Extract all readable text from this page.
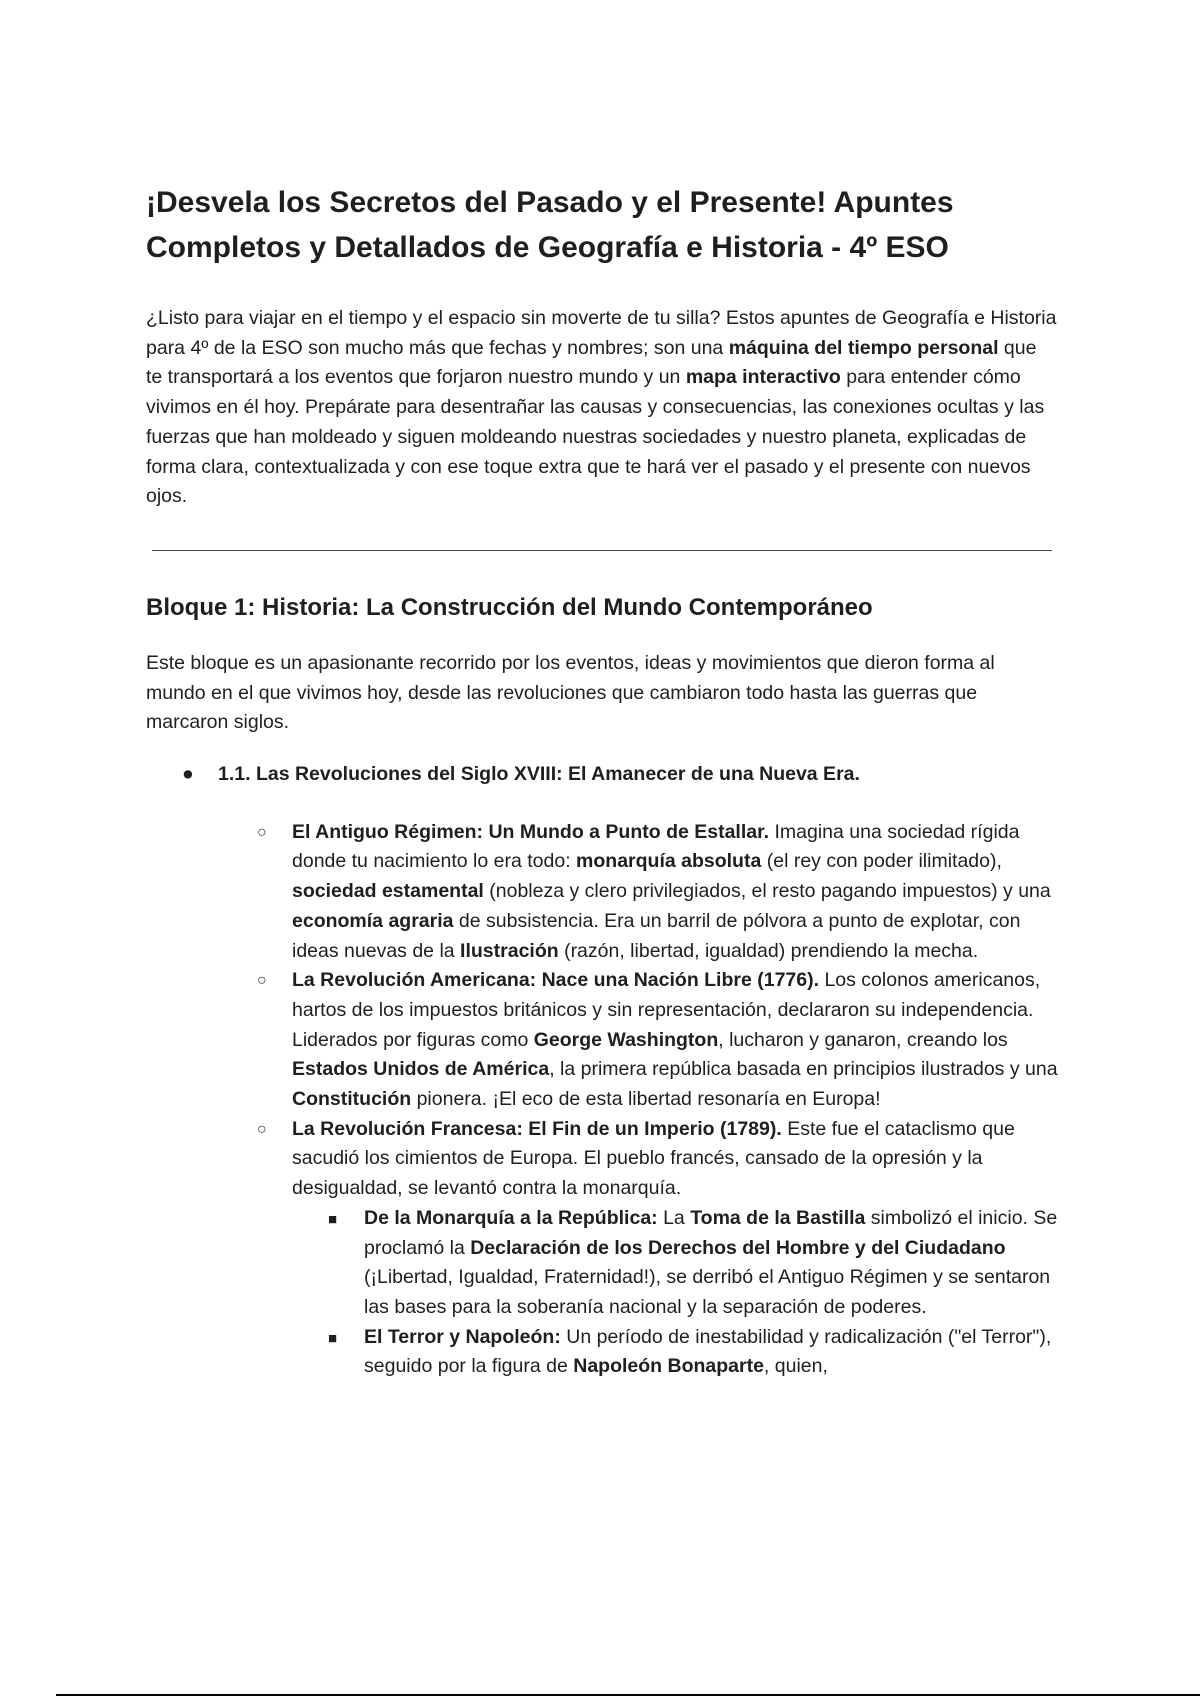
¡Desvela los Secretos del Pasado y el Presente! Apuntes Completos y Detallados de Geografía e Historia - 4º ESO

¿Listo para viajar en el tiempo y el espacio sin moverte de tu silla? Estos apuntes de Geografía e Historia para 4º de la ESO son mucho más que fechas y nombres; son una máquina del tiempo personal que te transportará a los eventos que forjaron nuestro mundo y un mapa interactivo para entender cómo vivimos en él hoy. Prepárate para desentrañar las causas y consecuencias, las conexiones ocultas y las fuerzas que han moldeado y siguen moldeando nuestras sociedades y nuestro planeta, explicadas de forma clara, contextualizada y con ese toque extra que te hará ver el pasado y el presente con nuevos ojos.

Bloque 1: Historia: La Construcción del Mundo Contemporáneo

Este bloque es un apasionante recorrido por los eventos, ideas y movimientos que dieron forma al mundo en el que vivimos hoy, desde las revoluciones que cambiaron todo hasta las guerras que marcaron siglos.

● 1.1. Las Revoluciones del Siglo XVIII: El Amanecer de una Nueva Era.
○ El Antiguo Régimen: Un Mundo a Punto de Estallar. Imagina una sociedad rígida donde tu nacimiento lo era todo: monarquía absoluta (el rey con poder ilimitado), sociedad estamental (nobleza y clero privilegiados, el resto pagando impuestos) y una economía agraria de subsistencia. Era un barril de pólvora a punto de explotar, con ideas nuevas de la Ilustración (razón, libertad, igualdad) prendiendo la mecha.
○ La Revolución Americana: Nace una Nación Libre (1776). Los colonos americanos, hartos de los impuestos británicos y sin representación, declararon su independencia. Liderados por figuras como George Washington, lucharon y ganaron, creando los Estados Unidos de América, la primera república basada en principios ilustrados y una Constitución pionera. ¡El eco de esta libertad resonaría en Europa!
○ La Revolución Francesa: El Fin de un Imperio (1789). Este fue el cataclismo que sacudió los cimientos de Europa. El pueblo francés, cansado de la opresión y la desigualdad, se levantó contra la monarquía.
■ De la Monarquía a la República: La Toma de la Bastilla simbolizó el inicio. Se proclamó la Declaración de los Derechos del Hombre y del Ciudadano (¡Libertad, Igualdad, Fraternidad!), se derribó el Antiguo Régimen y se sentaron las bases para la soberanía nacional y la separación de poderes.
■ El Terror y Napoleón: Un período de inestabilidad y radicalización ("el Terror"), seguido por la figura de Napoleón Bonaparte, quien,
